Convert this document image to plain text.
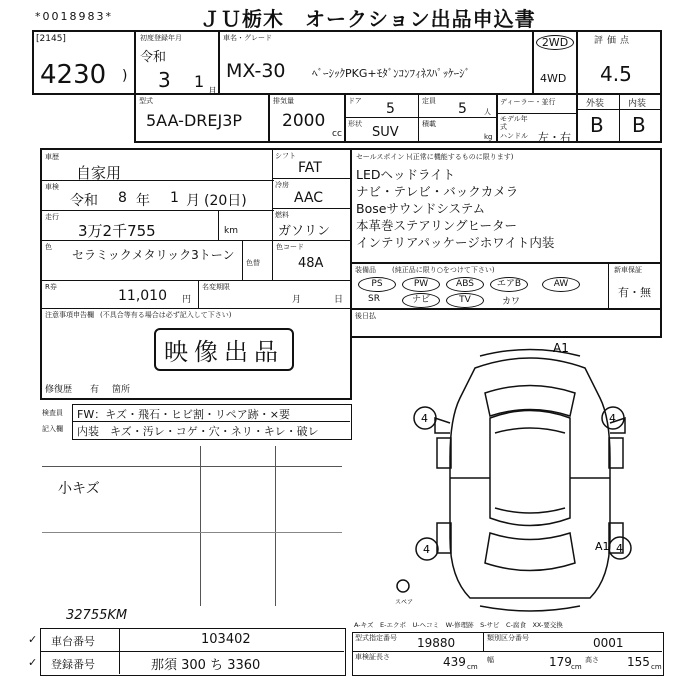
*0018983*	ＪＵ栃木　オークション出品申込書
[2145]
4230 )
初度登録年月
令和
3 1
月
車名・グレード
MX-30 ﾍﾞｰｼｯｸPKG+ﾓﾀﾞﾝｺﾝﾌｨﾈｽﾊﾟｯｹｰｼﾞ
2WD
4WD
評価点
4.5
型式
5AA-DREJ3P
排気量
2000
cc
ドア 5	定員 5 人
形状
SUV
積載
kg
ディーラー・並行
モデル年式
ハンドル 左・右
外装	内装
B B
車歴
自家用
車検
令和 8 年 1 月 (20日)
走行
3万2千755	km
シフト
FAT
冷房
AAC
燃料
ガソリン
色
セラミックメタリック3トーン
色替
色コード
48A
R券
11,010 円
名変期限
月	日
注意事項申告欄 (不具合等有る場合は必ず記入して下さい)
映像出品
修復歴 有 箇所
セールスポイント
(正常に機能するものに限ります)
LEDヘッドライト
ナビ・テレビ・バックカメラ
Boseサウンドシステム
本革巻ステアリングヒーター
インテリアパッケージホワイト内装
装備品 (純正品に限り○をつけて下さい)
PS	PW	ABS	エアB	AW
SR	ナビ	TV	カワ
新車保証
有・無
後日払
検査員
記入欄
FW：キズ・飛石・ヒビ割・リペア跡・×要
内装　キズ・汚レ・コゲ・穴・ネリ・キレ・破レ
小キズ
32755KM
4	4
4	4
A1
A1
スペア
A-キズ　E-エクボ　U-ヘコミ　W-修理跡　S-サビ　C-腐食　XX-要交換
✓
✓
車台番号	103402
登録番号	那須 300 ち 3360
型式指定番号	19880	類別区分番号	0001
車検証長さ	439 cm
幅	179 cm
高さ 155 cm
